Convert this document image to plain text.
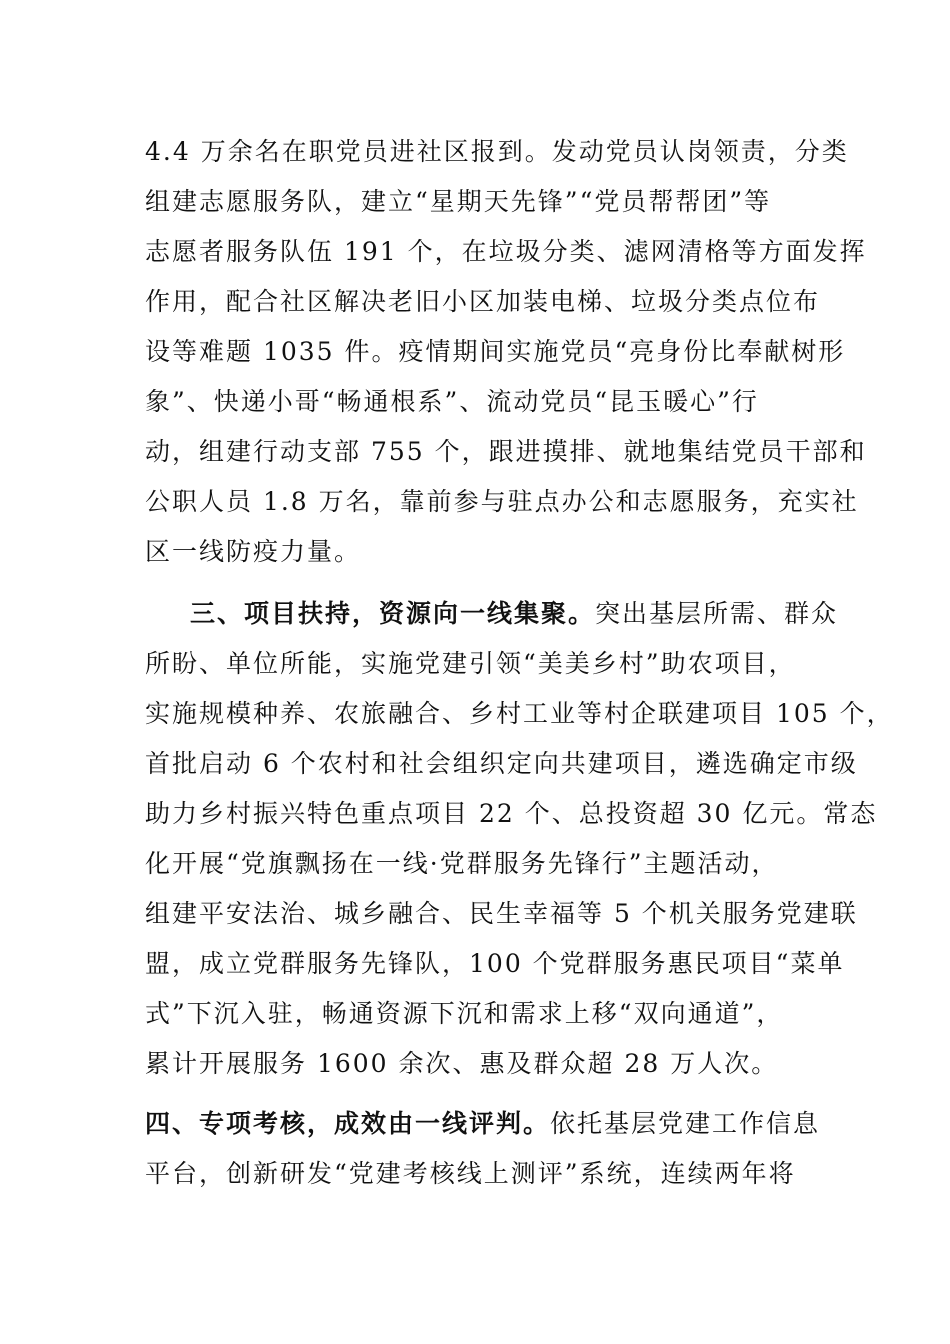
4.4 万余名在职党员进社区报到。发动党员认岗领责，分类
组建志愿服务队，建立“星期天先锋”“党员帮帮团”等
志愿者服务队伍 191 个，在垃圾分类、滤网清格等方面发挥
作用，配合社区解决老旧小区加装电梯、垃圾分类点位布
设等难题 1035 件。疫情期间实施党员“亮身份比奉献树形
象”、快递小哥“畅通根系”、流动党员“昆玉暖心”行
动，组建行动支部 755 个，跟进摸排、就地集结党员干部和
公职人员 1.8 万名，靠前参与驻点办公和志愿服务，充实社
区一线防疫力量。
三、项目扶持，资源向一线集聚。突出基层所需、群众
所盼、单位所能，实施党建引领“美美乡村”助农项目，
实施规模种养、农旅融合、乡村工业等村企联建项目 105 个，
首批启动 6 个农村和社会组织定向共建项目，遴选确定市级
助力乡村振兴特色重点项目 22 个、总投资超 30 亿元。常态
化开展“党旗飘扬在一线·党群服务先锋行”主题活动，
组建平安法治、城乡融合、民生幸福等 5 个机关服务党建联
盟，成立党群服务先锋队，100 个党群服务惠民项目“菜单
式”下沉入驻，畅通资源下沉和需求上移“双向通道”，
累计开展服务 1600 余次、惠及群众超 28 万人次。
四、专项考核，成效由一线评判。依托基层党建工作信息
平台，创新研发“党建考核线上测评”系统，连续两年将
